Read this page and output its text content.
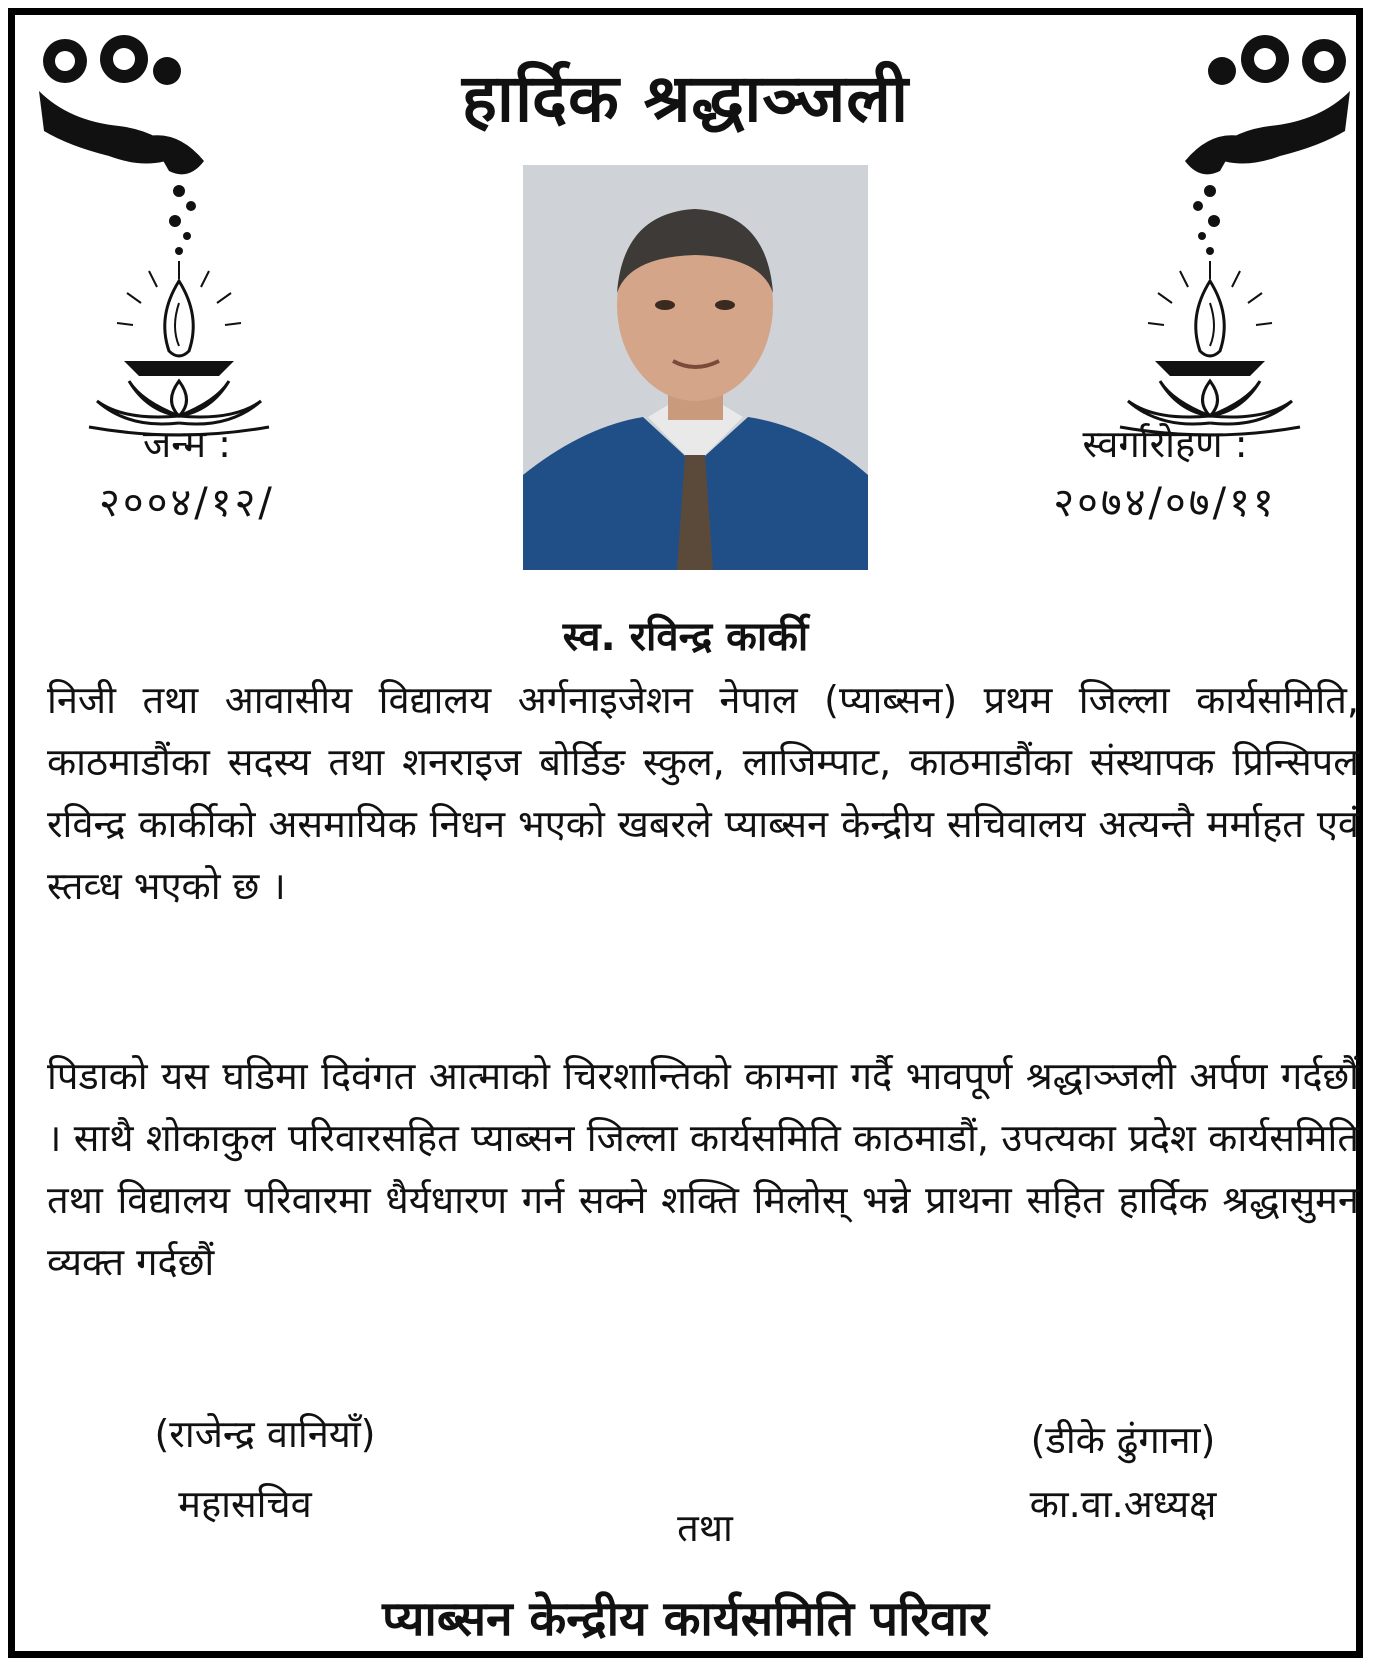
हार्दिक श्रद्धाञ्जली
जन्म :
२००४/१२/
स्वर्गारोहण :
२०७४/०७/११
स्व. रविन्द्र कार्की
निजी तथा आवासीय विद्यालय अर्गनाइजेशन नेपाल (प्याब्सन) प्रथम जिल्ला कार्यसमिति, काठमाडौंका सदस्य तथा शनराइज बोर्डिङ स्कुल, लाजिम्पाट, काठमाडौंका संस्थापक प्रिन्सिपल रविन्द्र कार्कीको असमायिक निधन भएको खबरले प्याब्सन केन्द्रीय सचिवालय अत्यन्तै मर्माहत एवं स्तव्ध भएको छ ।
पिडाको यस घडिमा दिवंगत आत्माको चिरशान्तिको कामना गर्दै भावपूर्ण श्रद्धाञ्जली अर्पण गर्दछौं । साथै शोकाकुल परिवारसहित प्याब्सन जिल्ला कार्यसमिति काठमाडौं, उपत्यका प्रदेश कार्यसमिति तथा विद्यालय परिवारमा धैर्यधारण गर्न सक्ने शक्ति मिलोस् भन्ने प्राथना सहित हार्दिक श्रद्धासुमन व्यक्त गर्दछौं
(राजेन्द्र वानियाँ)
महासचिव
तथा
(डीके ढुंगाना)
का.वा.अध्यक्ष
प्याब्सन केन्द्रीय कार्यसमिति परिवार
